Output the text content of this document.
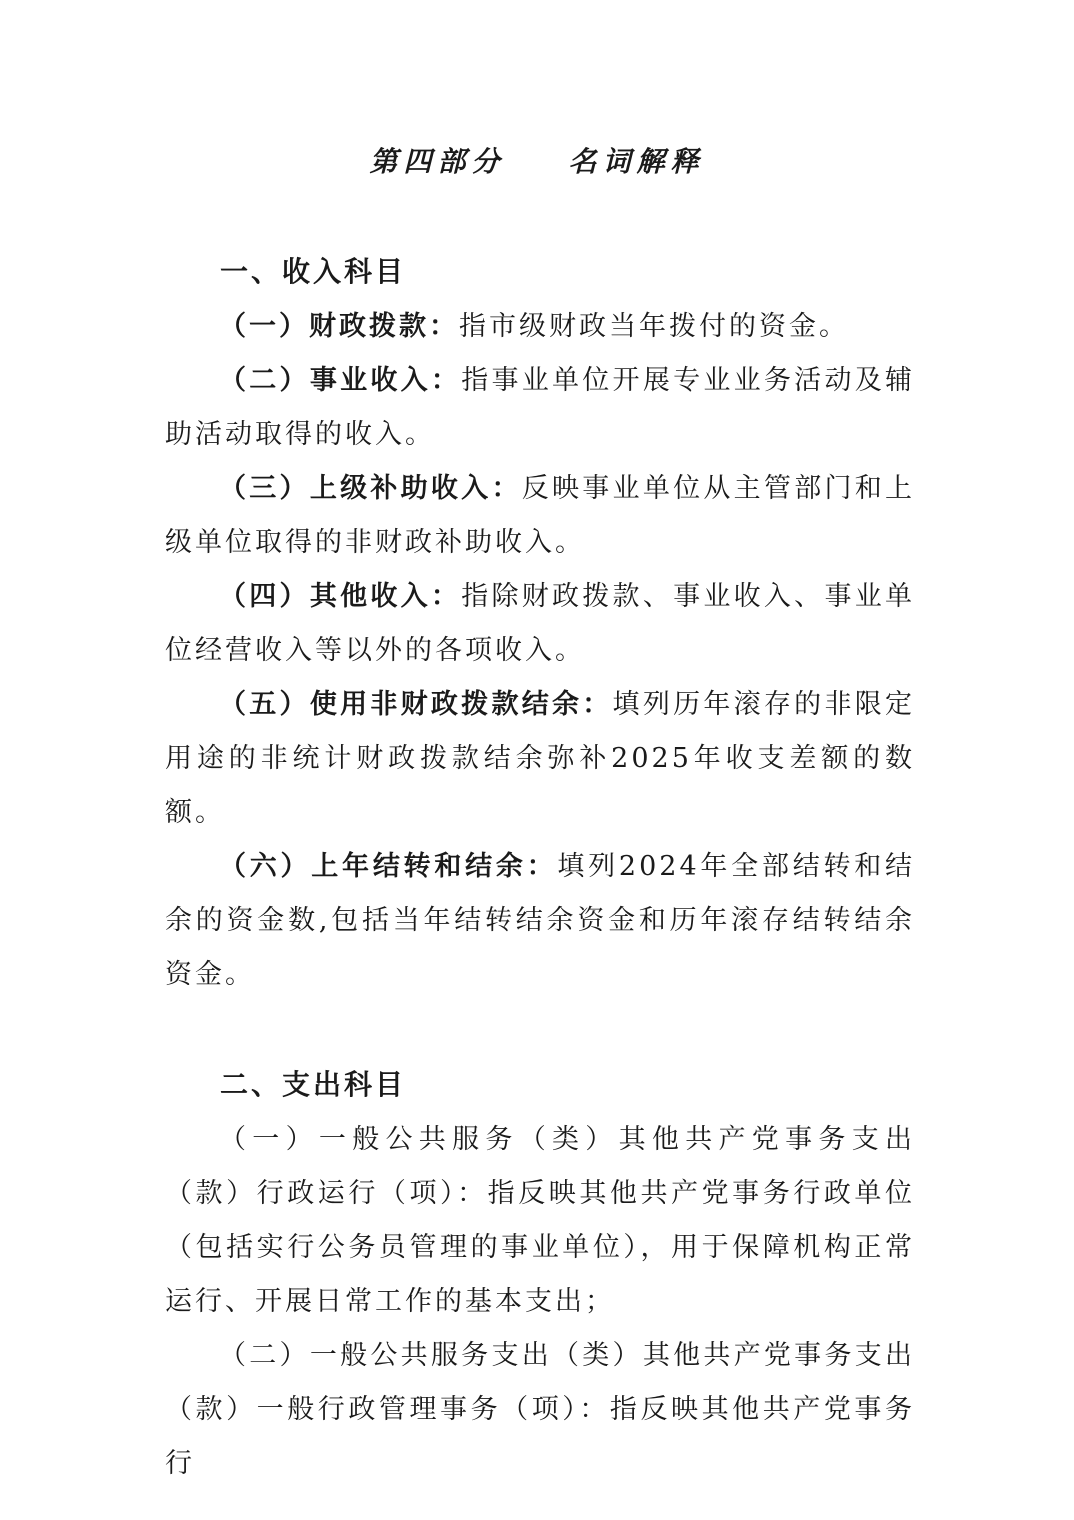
第四部分    名词解释
一、收入科目

（一）财政拨款：指市级财政当年拨付的资金。

（二）事业收入：指事业单位开展专业业务活动及辅助活动取得的收入。

（三）上级补助收入：反映事业单位从主管部门和上级单位取得的非财政补助收入。

（四）其他收入：指除财政拨款、事业收入、事业单位经营收入等以外的各项收入。

（五）使用非财政拨款结余：填列历年滚存的非限定用途的非统计财政拨款结余弥补2025年收支差额的数额。

（六）上年结转和结余：填列2024年全部结转和结余的资金数,包括当年结转结余资金和历年滚存结转结余资金。

二、支出科目

（一）一般公共服务（类）其他共产党事务支出（款）行政运行（项）：指反映其他共产党事务行政单位（包括实行公务员管理的事业单位），用于保障机构正常运行、开展日常工作的基本支出；

（二）一般公共服务支出（类）其他共产党事务支出（款）一般行政管理事务（项）：指反映其他共产党事务行
